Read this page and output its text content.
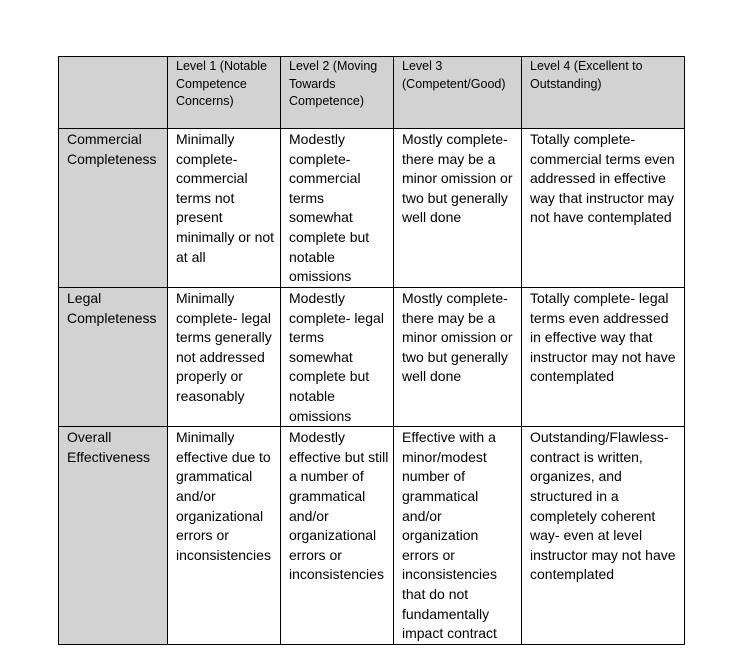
	Level 1 (Notable Competence Concerns)	Level 2 (Moving Towards Competence)	Level 3 (Competent/Good)	Level 4 (Excellent to Outstanding)
Commercial Completeness	Minimally complete- commercial terms not present minimally or not at all	Modestly complete- commercial terms somewhat complete but notable omissions	Mostly complete- there may be a minor omission or two but generally well done	Totally complete- commercial terms even addressed in effective way that instructor may not have contemplated
Legal Completeness	Minimally complete- legal terms generally not addressed properly or reasonably	Modestly complete- legal terms somewhat complete but notable omissions	Mostly complete- there may be a minor omission or two but generally well done	Totally complete- legal terms even addressed in effective way that instructor may not have contemplated
Overall Effectiveness	Minimally effective due to grammatical and/or organizational errors or inconsistencies	Modestly effective but still a number of grammatical and/or organizational errors or inconsistencies	Effective with a minor/modest number of grammatical and/or organization errors or inconsistencies that do not fundamentally impact contract	Outstanding/Flawless- contract is written, organizes, and structured in a completely coherent way- even at level instructor may not have contemplated
